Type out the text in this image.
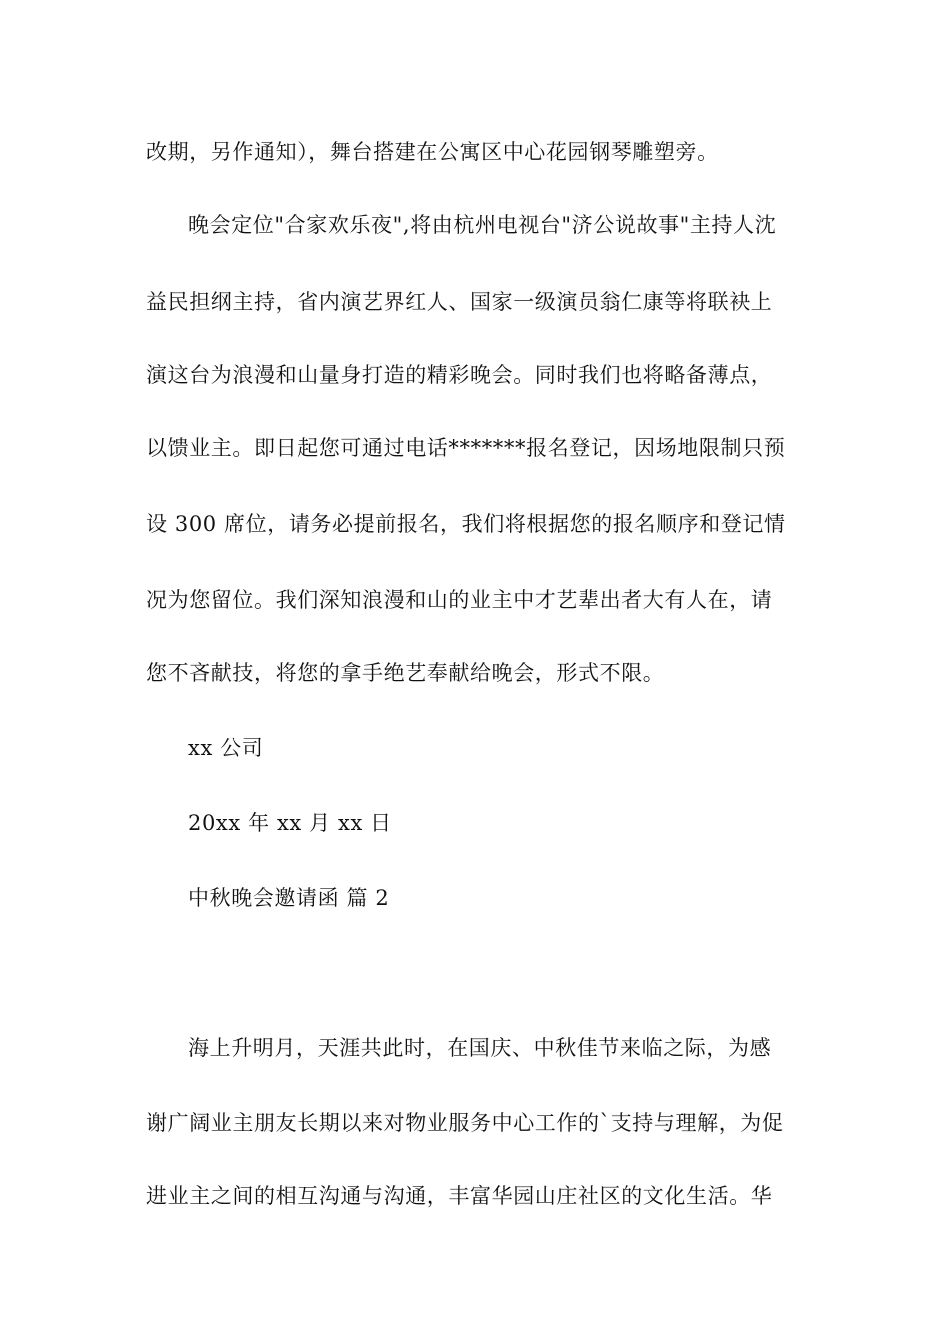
改期，另作通知），舞台搭建在公寓区中心花园钢琴雕塑旁。
晚会定位"合家欢乐夜",将由杭州电视台"济公说故事"主持人沈
益民担纲主持，省内演艺界红人、国家一级演员翁仁康等将联袂上
演这台为浪漫和山量身打造的精彩晚会。同时我们也将略备薄点，
以馈业主。即日起您可通过电话*******报名登记，因场地限制只预
设 300 席位，请务必提前报名，我们将根据您的报名顺序和登记情
况为您留位。我们深知浪漫和山的业主中才艺辈出者大有人在，请
您不吝献技，将您的拿手绝艺奉献给晚会，形式不限。
xx 公司
20xx 年 xx 月 xx 日
中秋晚会邀请函 篇 2
海上升明月，天涯共此时，在国庆、中秋佳节来临之际，为感
谢广阔业主朋友长期以来对物业服务中心工作的`支持与理解，为促
进业主之间的相互沟通与沟通，丰富华园山庄社区的文化生活。华
